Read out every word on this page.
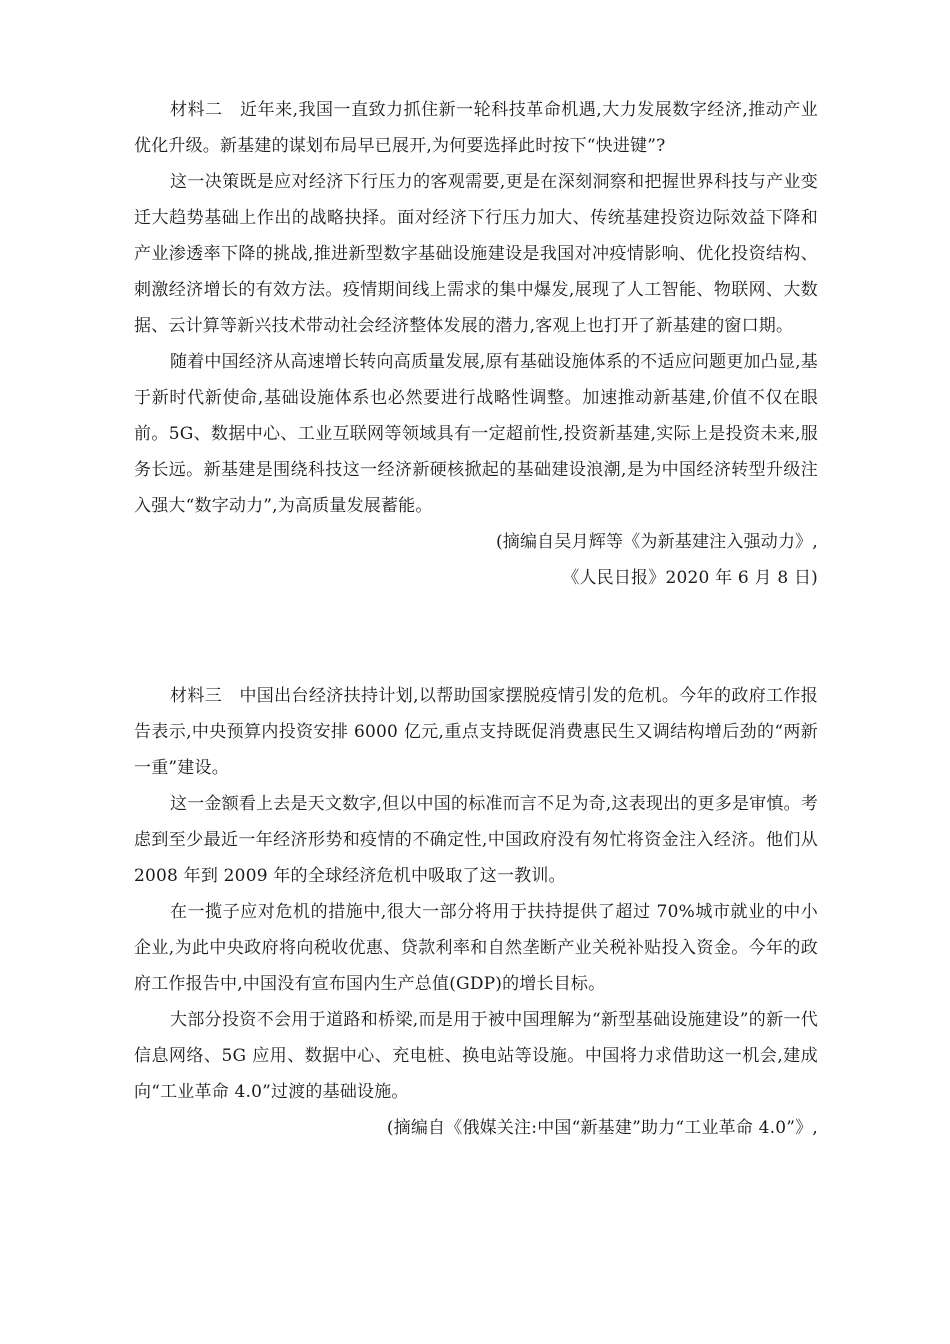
材料二　近年来,我国一直致力抓住新一轮科技革命机遇,大力发展数字经济,推动产业优化升级。新基建的谋划布局早已展开,为何要选择此时按下“快进键”?

这一决策既是应对经济下行压力的客观需要,更是在深刻洞察和把握世界科技与产业变迁大趋势基础上作出的战略抉择。面对经济下行压力加大、传统基建投资边际效益下降和产业渗透率下降的挑战,推进新型数字基础设施建设是我国对冲疫情影响、优化投资结构、刺激经济增长的有效方法。疫情期间线上需求的集中爆发,展现了人工智能、物联网、大数据、云计算等新兴技术带动社会经济整体发展的潜力,客观上也打开了新基建的窗口期。

随着中国经济从高速增长转向高质量发展,原有基础设施体系的不适应问题更加凸显,基于新时代新使命,基础设施体系也必然要进行战略性调整。加速推动新基建,价值不仅在眼前。5G、数据中心、工业互联网等领域具有一定超前性,投资新基建,实际上是投资未来,服务长远。新基建是围绕科技这一经济新硬核掀起的基础建设浪潮,是为中国经济转型升级注入强大“数字动力”,为高质量发展蓄能。

(摘编自吴月辉等《为新基建注入强动力》,

《人民日报》2020 年 6 月 8 日)

材料三　中国出台经济扶持计划,以帮助国家摆脱疫情引发的危机。今年的政府工作报告表示,中央预算内投资安排 6000 亿元,重点支持既促消费惠民生又调结构增后劲的“两新一重”建设。

这一金额看上去是天文数字,但以中国的标准而言不足为奇,这表现出的更多是审慎。考虑到至少最近一年经济形势和疫情的不确定性,中国政府没有匆忙将资金注入经济。他们从 2008 年到 2009 年的全球经济危机中吸取了这一教训。

在一揽子应对危机的措施中,很大一部分将用于扶持提供了超过 70%城市就业的中小企业,为此中央政府将向税收优惠、贷款利率和自然垄断产业关税补贴投入资金。今年的政府工作报告中,中国没有宣布国内生产总值(GDP)的增长目标。

大部分投资不会用于道路和桥梁,而是用于被中国理解为“新型基础设施建设”的新一代信息网络、5G 应用、数据中心、充电桩、换电站等设施。中国将力求借助这一机会,建成向“工业革命 4.0”过渡的基础设施。

(摘编自《俄媒关注:中国“新基建”助力“工业革命 4.0”》,
